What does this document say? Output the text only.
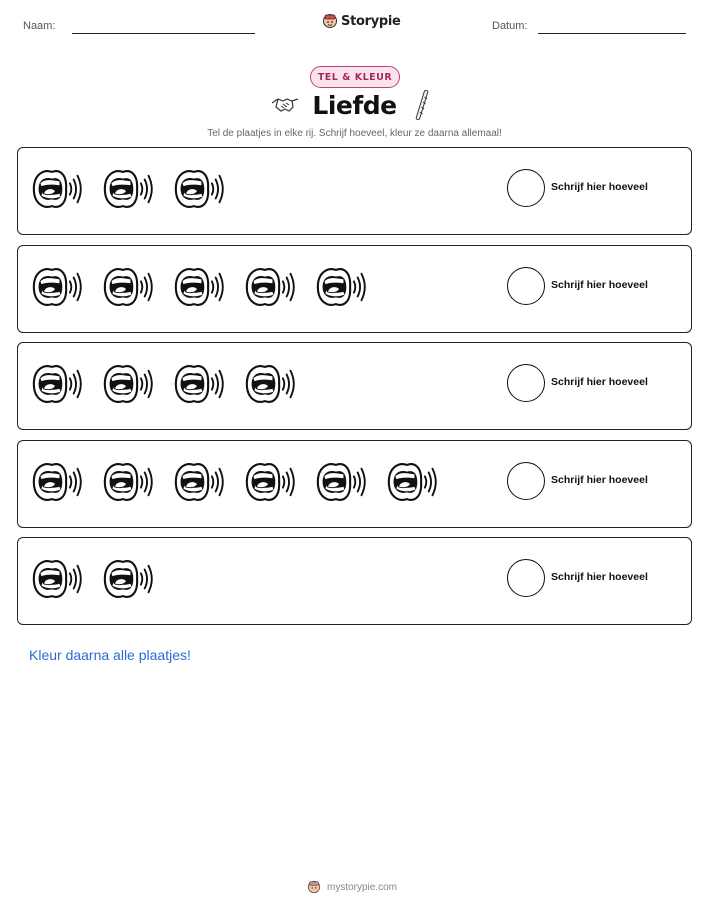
Naam:	Storypie	Datum:
TEL & KLEUR
Liefde
Tel de plaatjes in elke rij. Schrijf hoeveel, kleur ze daarna allemaal!
Schrijf hier hoeveel
Schrijf hier hoeveel
Schrijf hier hoeveel
Schrijf hier hoeveel
Schrijf hier hoeveel
Kleur daarna alle plaatjes!
mystorypie.com
